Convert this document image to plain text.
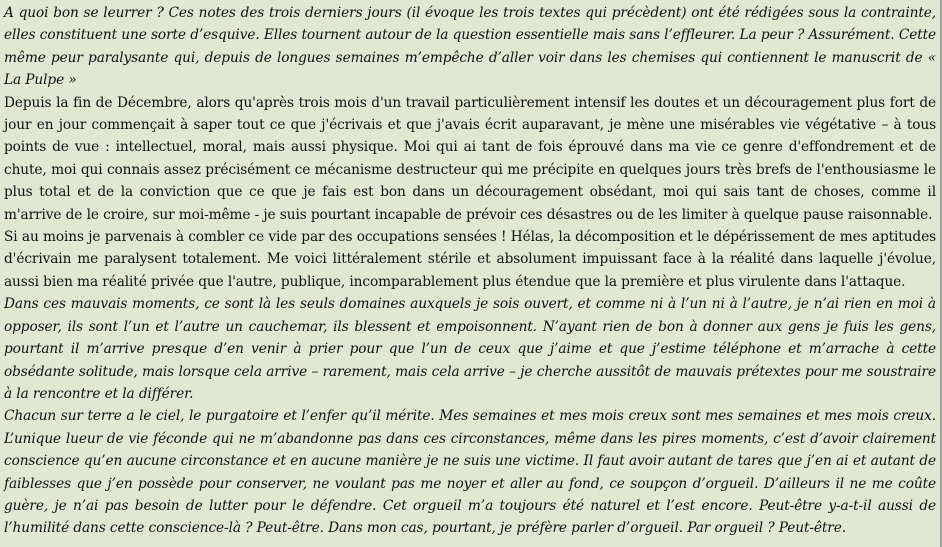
A quoi bon se leurrer ? Ces notes des trois derniers jours (il évoque les trois textes qui précèdent) ont été rédigées sous la contrainte, elles constituent une sorte d’esquive. Elles tournent autour de la question essentielle mais sans l’effleurer. La peur ? Assurément. Cette même peur paralysante qui, depuis de longues semaines m’empêche d’aller voir dans les chemises qui contiennent le manuscrit de « La Pulpe »

Depuis la fin de Décembre, alors qu'après trois mois d'un travail particulièrement intensif les doutes et un découragement plus fort de jour en jour commençait à saper tout ce que j'écrivais et que j'avais écrit auparavant, je mène une misérables vie végétative – à tous points de vue : intellectuel, moral, mais aussi physique. Moi qui ai tant de fois éprouvé dans ma vie ce genre d'effondrement et de chute, moi qui connais assez précisément ce mécanisme destructeur qui me précipite en quelques jours très brefs de l'enthousiasme le plus total et de la conviction que ce que je fais est bon dans un découragement obsédant, moi qui sais tant de choses, comme il m'arrive de le croire, sur moi-même - je suis pourtant incapable de prévoir ces désastres ou de les limiter à quelque pause raisonnable.

Si au moins je parvenais à combler ce vide par des occupations sensées ! Hélas, la décomposition et le dépérissement de mes aptitudes d'écrivain me paralysent totalement. Me voici littéralement stérile et absolument impuissant face à la réalité dans laquelle j'évolue, aussi bien ma réalité privée que l'autre, publique, incomparablement plus étendue que la première et plus virulente dans l'attaque.

Dans ces mauvais moments, ce sont là les seuls domaines auxquels je sois ouvert, et comme ni à l’un ni à l’autre, je n’ai rien en moi à opposer, ils sont l’un et l’autre un cauchemar, ils blessent et empoisonnent. N’ayant rien de bon à donner aux gens je fuis les gens, pourtant il m’arrive presque d’en venir à prier pour que l’un de ceux que j’aime et que j’estime téléphone et m’arrache à cette obsédante solitude, mais lorsque cela arrive – rarement, mais cela arrive – je cherche aussitôt de mauvais prétextes pour me soustraire à la rencontre et la différer.

Chacun sur terre a le ciel, le purgatoire et l’enfer qu’il mérite. Mes semaines et mes mois creux sont mes semaines et mes mois creux. L’unique lueur de vie féconde qui ne m’abandonne pas dans ces circonstances, même dans les pires moments, c’est d’avoir clairement conscience qu’en aucune circonstance et en aucune manière je ne suis une victime. Il faut avoir autant de tares que j’en ai et autant de faiblesses que j’en possède pour conserver, ne voulant pas me noyer et aller au fond, ce soupçon d’orgueil. D’ailleurs il ne me coûte guère, je n’ai pas besoin de lutter pour le défendre. Cet orgueil m’a toujours été naturel et l’est encore. Peut-être y-a-t-il aussi de l’humilité dans cette conscience-là ? Peut-être. Dans mon cas, pourtant, je préfère parler d’orgueil. Par orgueil ? Peut-être.
